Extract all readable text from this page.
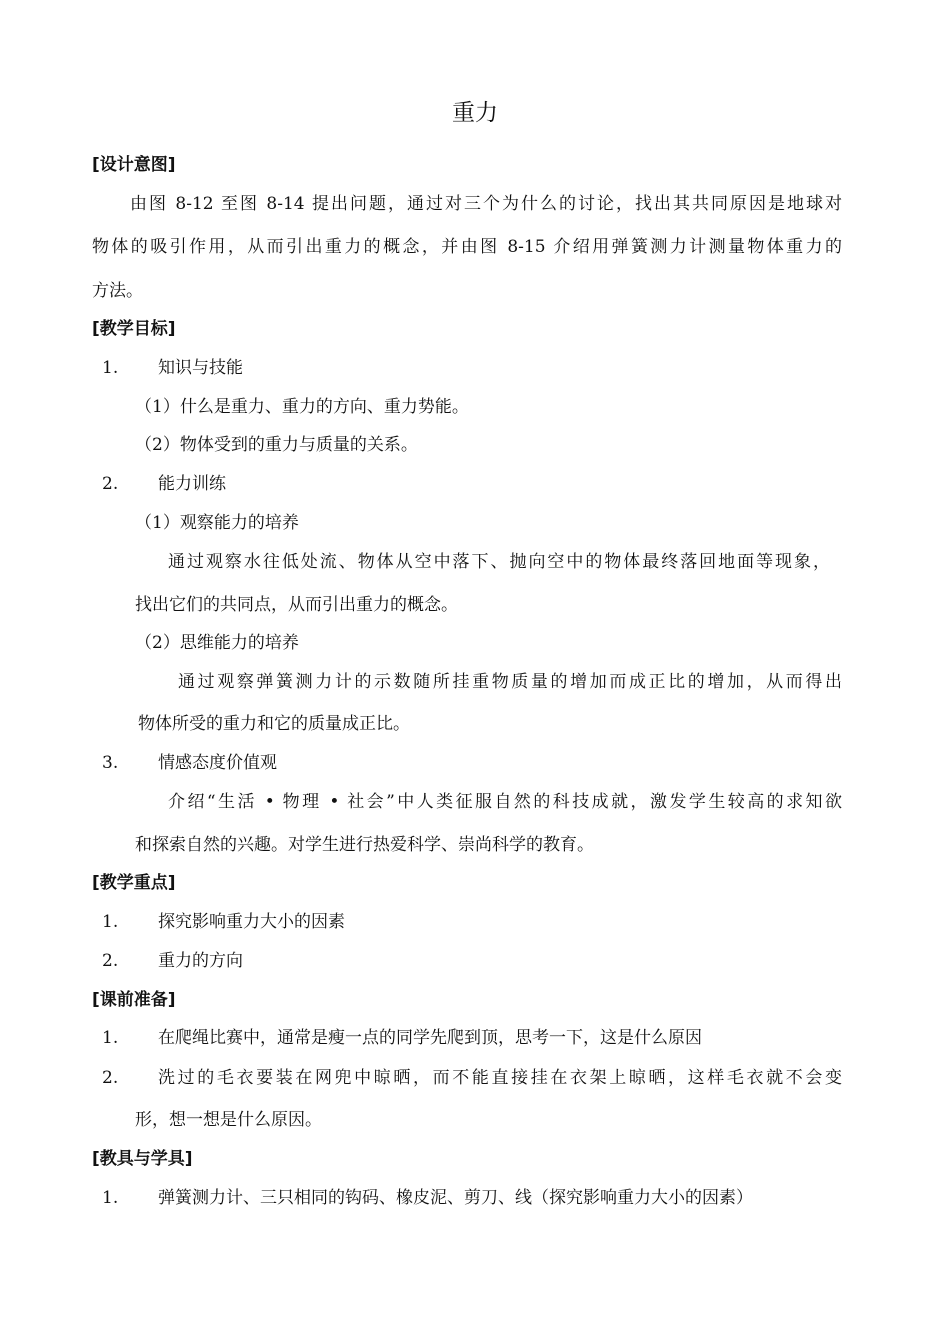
重力
[设计意图]
由图 8-12 至图 8-14 提出问题，通过对三个为什么的讨论，找出其共同原因是地球对
物体的吸引作用，从而引出重力的概念，并由图 8-15 介绍用弹簧测力计测量物体重力的
方法。
[教学目标]
1. 知识与技能
（1）什么是重力、重力的方向、重力势能。
（2）物体受到的重力与质量的关系。
2. 能力训练
（1）观察能力的培养
通过观察水往低处流、物体从空中落下、抛向空中的物体最终落回地面等现象，
找出它们的共同点，从而引出重力的概念。
（2）思维能力的培养
通过观察弹簧测力计的示数随所挂重物质量的增加而成正比的增加，从而得出
物体所受的重力和它的质量成正比。
3. 情感态度价值观
介绍“生活 • 物理 • 社会”中人类征服自然的科技成就，激发学生较高的求知欲
和探索自然的兴趣。对学生进行热爱科学、崇尚科学的教育。
[教学重点]
1. 探究影响重力大小的因素
2. 重力的方向
[课前准备]
1. 在爬绳比赛中，通常是瘦一点的同学先爬到顶，思考一下，这是什么原因
2. 洗过的毛衣要装在网兜中晾晒，而不能直接挂在衣架上晾晒，这样毛衣就不会变
形，想一想是什么原因。
[教具与学具]
1. 弹簧测力计、三只相同的钩码、橡皮泥、剪刀、线（探究影响重力大小的因素）
